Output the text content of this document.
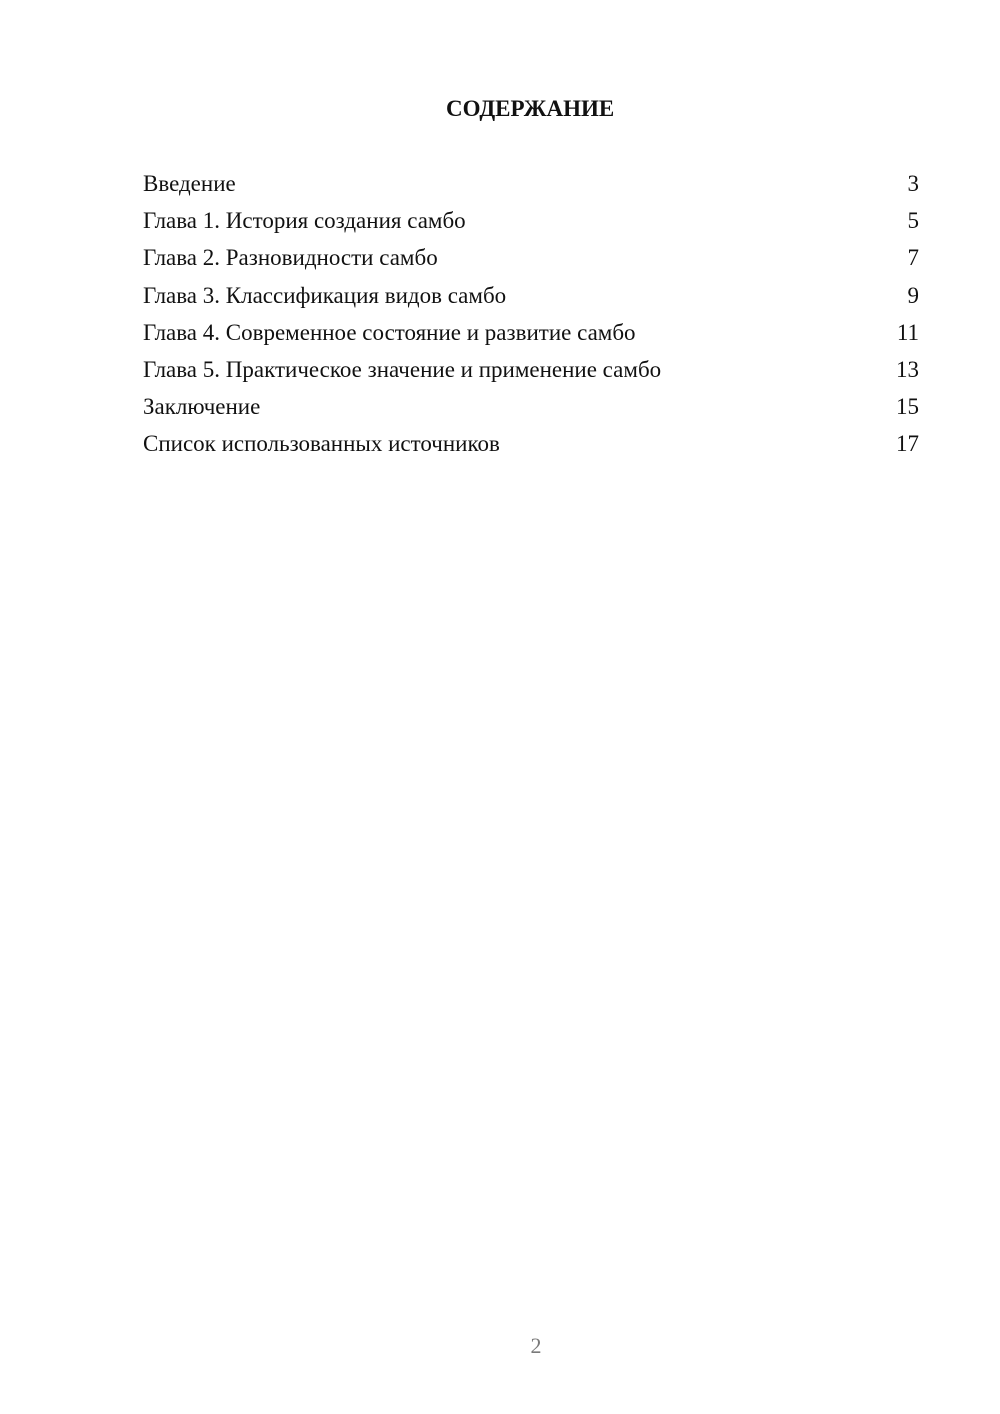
СОДЕРЖАНИЕ
Введение	3
Глава 1. История создания самбо	5
Глава 2. Разновидности самбо	7
Глава 3. Классификация видов самбо	9
Глава 4. Современное состояние и развитие самбо	11
Глава 5. Практическое значение и применение самбо	13
Заключение	15
Список использованных источников	17
2
